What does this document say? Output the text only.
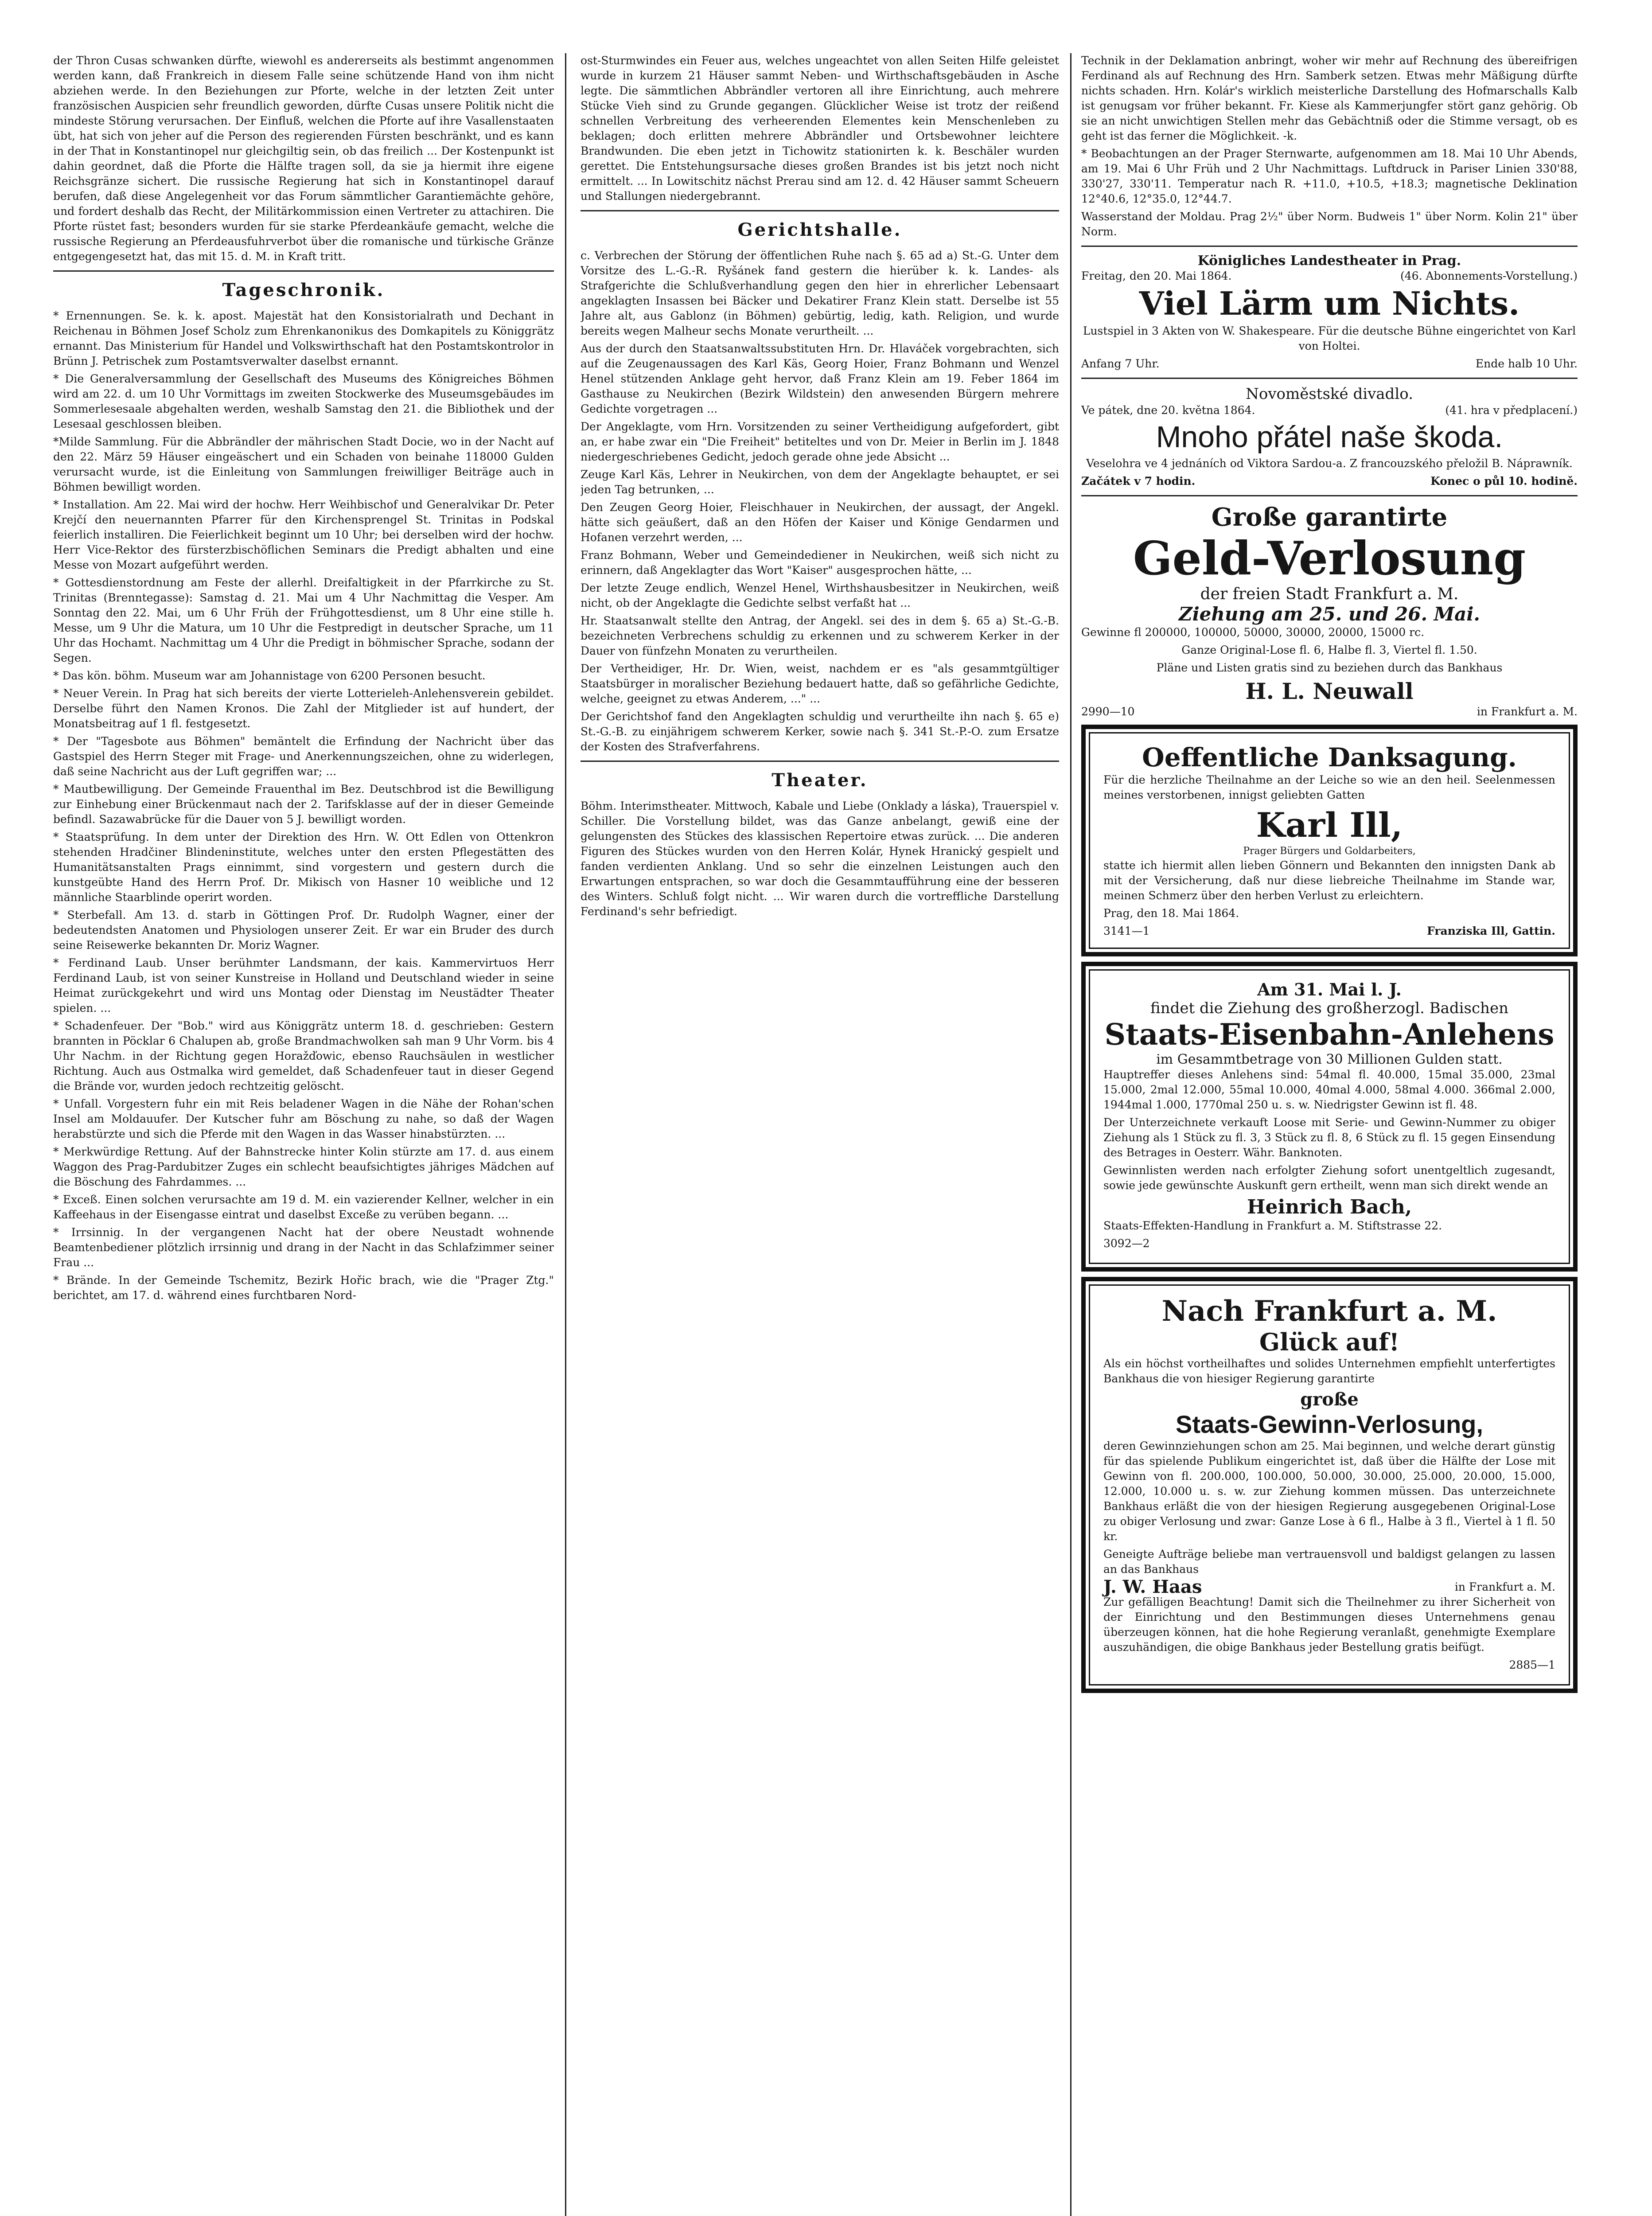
der Thron Cusas schwanken dürfte, wiewohl es andererseits als bestimmt angenommen werden kann, daß Frankreich in diesem Falle seine schützende Hand von ihm nicht abziehen werde. In den Beziehungen zur Pforte, welche in der letzten Zeit unter französischen Auspicien sehr freundlich geworden, dürfte Cusas unsere Politik nicht die mindeste Störung verursachen. Der Einfluß, welchen die Pforte auf ihre Vasallenstaaten übt, hat sich von jeher auf die Person des regierenden Fürsten beschränkt, und es kann in der That in Konstantinopel nur gleichgiltig sein, ob das freilich ... Der Kostenpunkt ist dahin geordnet, daß die Pforte die Hälfte tragen soll, da sie ja hiermit ihre eigene Reichsgränze sichert. Die russische Regierung hat sich in Konstantinopel darauf berufen, daß diese Angelegenheit vor das Forum sämmtlicher Garantiemächte gehöre, und fordert deshalb das Recht, der Militärkommission einen Vertreter zu attachiren. Die Pforte rüstet fast; besonders wurden für sie starke Pferdeankäufe gemacht, welche die russische Regierung an Pferdeausfuhrverbot über die romanische und türkische Gränze entgegengesetzt hat, das mit 15. d. M. in Kraft tritt.

Tageschronik.

* Ernennungen. Se. k. k. apost. Majestät hat den Konsistorialrath und Dechant in Reichenau in Böhmen Josef Scholz zum Ehrenkanonikus des Domkapitels zu Königgrätz ernannt. Das Ministerium für Handel und Volkswirthschaft hat den Postamtskontrolor in Brünn J. Petrischek zum Postamtsverwalter daselbst ernannt.

* Die Generalversammlung der Gesellschaft des Museums des Königreiches Böhmen wird am 22. d. um 10 Uhr Vormittags im zweiten Stockwerke des Museumsgebäudes im Sommerlesesaale abgehalten werden, weshalb Samstag den 21. die Bibliothek und der Lesesaal geschlossen bleiben.

*Milde Sammlung. Für die Abbrändler der mährischen Stadt Docie, wo in der Nacht auf den 22. März 59 Häuser eingeäschert und ein Schaden von beinahe 118000 Gulden verursacht wurde, ist die Einleitung von Sammlungen freiwilliger Beiträge auch in Böhmen bewilligt worden.

* Installation. Am 22. Mai wird der hochw. Herr Weihbischof und Generalvikar Dr. Peter Krejčí den neuernannten Pfarrer für den Kirchensprengel St. Trinitas in Podskal feierlich installiren. Die Feierlichkeit beginnt um 10 Uhr; bei derselben wird der hochw. Herr Vice-Rektor des fürsterzbischöflichen Seminars die Predigt abhalten und eine Messe von Mozart aufgeführt werden.

* Gottesdienstordnung am Feste der allerhl. Dreifaltigkeit in der Pfarrkirche zu St. Trinitas (Brenntegasse): Samstag d. 21. Mai um 4 Uhr Nachmittag die Vesper. Am Sonntag den 22. Mai, um 6 Uhr Früh der Frühgottesdienst, um 8 Uhr eine stille h. Messe, um 9 Uhr die Matura, um 10 Uhr die Festpredigt in deutscher Sprache, um 11 Uhr das Hochamt. Nachmittag um 4 Uhr die Predigt in böhmischer Sprache, sodann der Segen.

* Das kön. böhm. Museum war am Johannistage von 6200 Personen besucht.

* Neuer Verein. In Prag hat sich bereits der vierte Lotterieleh-Anlehensverein gebildet. Derselbe führt den Namen Kronos. Die Zahl der Mitglieder ist auf hundert, der Monatsbeitrag auf 1 fl. festgesetzt.

* Der "Tagesbote aus Böhmen" bemäntelt die Erfindung der Nachricht über das Gastspiel des Herrn Steger mit Frage- und Anerkennungszeichen, ohne zu widerlegen, daß seine Nachricht aus der Luft gegriffen war; ...

* Mautbewilligung. Der Gemeinde Frauenthal im Bez. Deutschbrod ist die Bewilligung zur Einhebung einer Brückenmaut nach der 2. Tarifsklasse auf der in dieser Gemeinde befindl. Sazawabrücke für die Dauer von 5 J. bewilligt worden.

* Staatsprüfung. In dem unter der Direktion des Hrn. W. Ott Edlen von Ottenkron stehenden Hradčiner Blindeninstitute, welches unter den ersten Pflegestätten des Humanitätsanstalten Prags einnimmt, sind vorgestern und gestern durch die kunstgeübte Hand des Herrn Prof. Dr. Mikisch von Hasner 10 weibliche und 12 männliche Staarblinde operirt worden.

* Sterbefall. Am 13. d. starb in Göttingen Prof. Dr. Rudolph Wagner, einer der bedeutendsten Anatomen und Physiologen unserer Zeit. Er war ein Bruder des durch seine Reisewerke bekannten Dr. Moriz Wagner.

* Ferdinand Laub. Unser berühmter Landsmann, der kais. Kammervirtuos Herr Ferdinand Laub, ist von seiner Kunstreise in Holland und Deutschland wieder in seine Heimat zurückgekehrt und wird uns Montag oder Dienstag im Neustädter Theater spielen. ...

* Schadenfeuer. Der "Bob." wird aus Königgrätz unterm 18. d. geschrieben: Gestern brannten in Pöcklar 6 Chalupen ab, große Brandmachwolken sah man 9 Uhr Vorm. bis 4 Uhr Nachm. in der Richtung gegen Horažďowic, ebenso Rauchsäulen in westlicher Richtung. Auch aus Ostmalka wird gemeldet, daß Schadenfeuer taut in dieser Gegend die Brände vor, wurden jedoch rechtzeitig gelöscht.

* Unfall. Vorgestern fuhr ein mit Reis beladener Wagen in die Nähe der Rohan'schen Insel am Moldauufer. Der Kutscher fuhr am Böschung zu nahe, so daß der Wagen herabstürzte und sich die Pferde mit den Wagen in das Wasser hinabstürzten. ...

* Merkwürdige Rettung. Auf der Bahnstrecke hinter Kolin stürzte am 17. d. aus einem Waggon des Prag-Pardubitzer Zuges ein schlecht beaufsichtigtes jähriges Mädchen auf die Böschung des Fahrdammes. ...

* Exceß. Einen solchen verursachte am 19 d. M. ein vazierender Kellner, welcher in ein Kaffeehaus in der Eisengasse eintrat und daselbst Exceße zu verüben begann. ...

* Irrsinnig. In der vergangenen Nacht hat der obere Neustadt wohnende Beamtenbediener plötzlich irrsinnig und drang in der Nacht in das Schlafzimmer seiner Frau ...

* Brände. In der Gemeinde Tschemitz, Bezirk Hořic brach, wie die "Prager Ztg." berichtet, am 17. d. während eines furchtbaren Nord-

ost-Sturmwindes ein Feuer aus, welches ungeachtet von allen Seiten Hilfe geleistet wurde in kurzem 21 Häuser sammt Neben- und Wirthschaftsgebäuden in Asche legte. Die sämmtlichen Abbrändler vertoren all ihre Einrichtung, auch mehrere Stücke Vieh sind zu Grunde gegangen. Glücklicher Weise ist trotz der reißend schnellen Verbreitung des verheerenden Elementes kein Menschenleben zu beklagen; doch erlitten mehrere Abbrändler und Ortsbewohner leichtere Brandwunden. Die eben jetzt in Tichowitz stationirten k. k. Beschäler wurden gerettet. Die Entstehungsursache dieses großen Brandes ist bis jetzt noch nicht ermittelt. ... In Lowitschitz nächst Prerau sind am 12. d. 42 Häuser sammt Scheuern und Stallungen niedergebrannt.

Gerichtshalle.

c. Verbrechen der Störung der öffentlichen Ruhe nach §. 65 ad a) St.-G. Unter dem Vorsitze des L.-G.-R. Ryšánek fand gestern die hierüber k. k. Landes- als Strafgerichte die Schlußverhandlung gegen den hier in ehrerlicher Lebensaart angeklagten Insassen bei Bäcker und Dekatirer Franz Klein statt. Derselbe ist 55 Jahre alt, aus Gablonz (in Böhmen) gebürtig, ledig, kath. Religion, und wurde bereits wegen Malheur sechs Monate verurtheilt. ...

Aus der durch den Staatsanwaltssubstituten Hrn. Dr. Hlaváček vorgebrachten, sich auf die Zeugenaussagen des Karl Käs, Georg Hoier, Franz Bohmann und Wenzel Henel stützenden Anklage geht hervor, daß Franz Klein am 19. Feber 1864 im Gasthause zu Neukirchen (Bezirk Wildstein) den anwesenden Bürgern mehrere Gedichte vorgetragen ...

Der Angeklagte, vom Hrn. Vorsitzenden zu seiner Vertheidigung aufgefordert, gibt an, er habe zwar ein "Die Freiheit" betiteltes und von Dr. Meier in Berlin im J. 1848 niedergeschriebenes Gedicht, jedoch gerade ohne jede Absicht ...

Zeuge Karl Käs, Lehrer in Neukirchen, von dem der Angeklagte behauptet, er sei jeden Tag betrunken, ...

Den Zeugen Georg Hoier, Fleischhauer in Neukirchen, der aussagt, der Angekl. hätte sich geäußert, daß an den Höfen der Kaiser und Könige Gendarmen und Hofanen verzehrt werden, ...

Franz Bohmann, Weber und Gemeindediener in Neukirchen, weiß sich nicht zu erinnern, daß Angeklagter das Wort "Kaiser" ausgesprochen hätte, ...

Der letzte Zeuge endlich, Wenzel Henel, Wirthshausbesitzer in Neukirchen, weiß nicht, ob der Angeklagte die Gedichte selbst verfaßt hat ...

Hr. Staatsanwalt stellte den Antrag, der Angekl. sei des in dem §. 65 a) St.-G.-B. bezeichneten Verbrechens schuldig zu erkennen und zu schwerem Kerker in der Dauer von fünfzehn Monaten zu verurtheilen.

Der Vertheidiger, Hr. Dr. Wien, weist, nachdem er es "als gesammtgültiger Staatsbürger in moralischer Beziehung bedauert hatte, daß so gefährliche Gedichte, welche, geeignet zu etwas Anderem, ..." ...

Der Gerichtshof fand den Angeklagten schuldig und verurtheilte ihn nach §. 65 e) St.-G.-B. zu einjährigem schwerem Kerker, sowie nach §. 341 St.-P.-O. zum Ersatze der Kosten des Strafverfahrens.

Theater.

Böhm. Interimstheater. Mittwoch, Kabale und Liebe (Onklady a láska), Trauerspiel v. Schiller. Die Vorstellung bildet, was das Ganze anbelangt, gewiß eine der gelungensten des Stückes des klassischen Repertoire etwas zurück. ... Die anderen Figuren des Stückes wurden von den Herren Kolár, Hynek Hranický gespielt und fanden verdienten Anklang. Und so sehr die einzelnen Leistungen auch den Erwartungen entsprachen, so war doch die Gesammtaufführung eine der besseren des Winters. Schluß folgt nicht. ... Wir waren durch die vortreffliche Darstellung Ferdinand's sehr befriedigt.

Technik in der Deklamation anbringt, woher wir mehr auf Rechnung des übereifrigen Ferdinand als auf Rechnung des Hrn. Samberk setzen. Etwas mehr Mäßigung dürfte nichts schaden. Hrn. Kolár's wirklich meisterliche Darstellung des Hofmarschalls Kalb ist genugsam vor früher bekannt. Fr. Kiese als Kammerjungfer stört ganz gehörig. Ob sie an nicht unwichtigen Stellen mehr das Gebächtniß oder die Stimme versagt, ob es geht ist das ferner die Möglichkeit. -k.

* Beobachtungen an der Prager Sternwarte, aufgenommen am 18. Mai 10 Uhr Abends, am 19. Mai 6 Uhr Früh und 2 Uhr Nachmittags. Luftdruck in Pariser Linien 330'88, 330'27, 330'11. Temperatur nach R. +11.0, +10.5, +18.3; magnetische Deklination 12°40.6, 12°35.0, 12°44.7.

Wasserstand der Moldau. Prag 2½" über Norm. Budweis 1" über Norm. Kolin 21" über Norm.

Königliches Landestheater in Prag.
Freitag, den 20. Mai 1864.	(46. Abonnements-Vorstellung.)
Viel Lärm um Nichts.
Lustspiel in 3 Akten von W. Shakespeare. Für die deutsche Bühne eingerichtet von Karl von Holtei.
Anfang 7 Uhr.	Ende halb 10 Uhr.
Novoměstské divadlo.
Ve pátek, dne 20. května 1864.	(41. hra v předplacení.)
Mnoho přátel naše škoda.
Veselohra ve 4 jednáních od Viktora Sardou-a. Z francouzského přeložil B. Náprawník.
Začátek v 7 hodin.	Konec o půl 10. hodině.
Große garantirte
Geld-Verlosung
der freien Stadt Frankfurt a. M.
Ziehung am 25. und 26. Mai.
Gewinne fl 200000, 100000, 50000, 30000, 20000, 15000 rc.
Ganze Original-Lose fl. 6, Halbe fl. 3, Viertel fl. 1.50.
Pläne und Listen gratis sind zu beziehen durch das Bankhaus
H. L. Neuwall
2990—10	in Frankfurt a. M.
Oeffentliche Danksagung.
Für die herzliche Theilnahme an der Leiche so wie an den heil. Seelenmessen meines verstorbenen, innigst geliebten Gatten
Karl Ill,
Prager Bürgers und Goldarbeiters,
statte ich hiermit allen lieben Gönnern und Bekannten den innigsten Dank ab mit der Versicherung, daß nur diese liebreiche Theilnahme im Stande war, meinen Schmerz über den herben Verlust zu erleichtern.
Prag, den 18. Mai 1864.
3141—1	Franziska Ill, Gattin.
Am 31. Mai l. J.
findet die Ziehung des großherzogl. Badischen
Staats-Eisenbahn-Anlehens
im Gesammtbetrage von 30 Millionen Gulden statt.
Hauptreffer dieses Anlehens sind: 54mal fl. 40.000, 15mal 35.000, 23mal 15.000, 2mal 12.000, 55mal 10.000, 40mal 4.000, 58mal 4.000. 366mal 2.000, 1944mal 1.000, 1770mal 250 u. s. w. Niedrigster Gewinn ist fl. 48.
Der Unterzeichnete verkauft Loose mit Serie- und Gewinn-Nummer zu obiger Ziehung als 1 Stück zu fl. 3, 3 Stück zu fl. 8, 6 Stück zu fl. 15 gegen Einsendung des Betrages in Oesterr. Währ. Banknoten.
Gewinnlisten werden nach erfolgter Ziehung sofort unentgeltlich zugesandt, sowie jede gewünschte Auskunft gern ertheilt, wenn man sich direkt wende an
Heinrich Bach,
Staats-Effekten-Handlung in Frankfurt a. M. Stiftstrasse 22.
3092—2
Nach Frankfurt a. M.
Glück auf!
Als ein höchst vortheilhaftes und solides Unternehmen empfiehlt unterfertigtes Bankhaus die von hiesiger Regierung garantirte
große
Staats-Gewinn-Verlosung,
deren Gewinnziehungen schon am 25. Mai beginnen, und welche derart günstig für das spielende Publikum eingerichtet ist, daß über die Hälfte der Lose mit Gewinn von fl. 200.000, 100.000, 50.000, 30.000, 25.000, 20.000, 15.000, 12.000, 10.000 u. s. w. zur Ziehung kommen müssen. Das unterzeichnete Bankhaus erläßt die von der hiesigen Regierung ausgegebenen Original-Lose zu obiger Verlosung und zwar: Ganze Lose à 6 fl., Halbe à 3 fl., Viertel à 1 fl. 50 kr.
Geneigte Aufträge beliebe man vertrauensvoll und baldigst gelangen zu lassen an das Bankhaus
J. W. Haas	in Frankfurt a. M.
Zur gefälligen Beachtung! Damit sich die Theilnehmer zu ihrer Sicherheit von der Einrichtung und den Bestimmungen dieses Unternehmens genau überzeugen können, hat die hohe Regierung veranlaßt, genehmigte Exemplare auszuhändigen, die obige Bankhaus jeder Bestellung gratis beifügt.
2885—1
